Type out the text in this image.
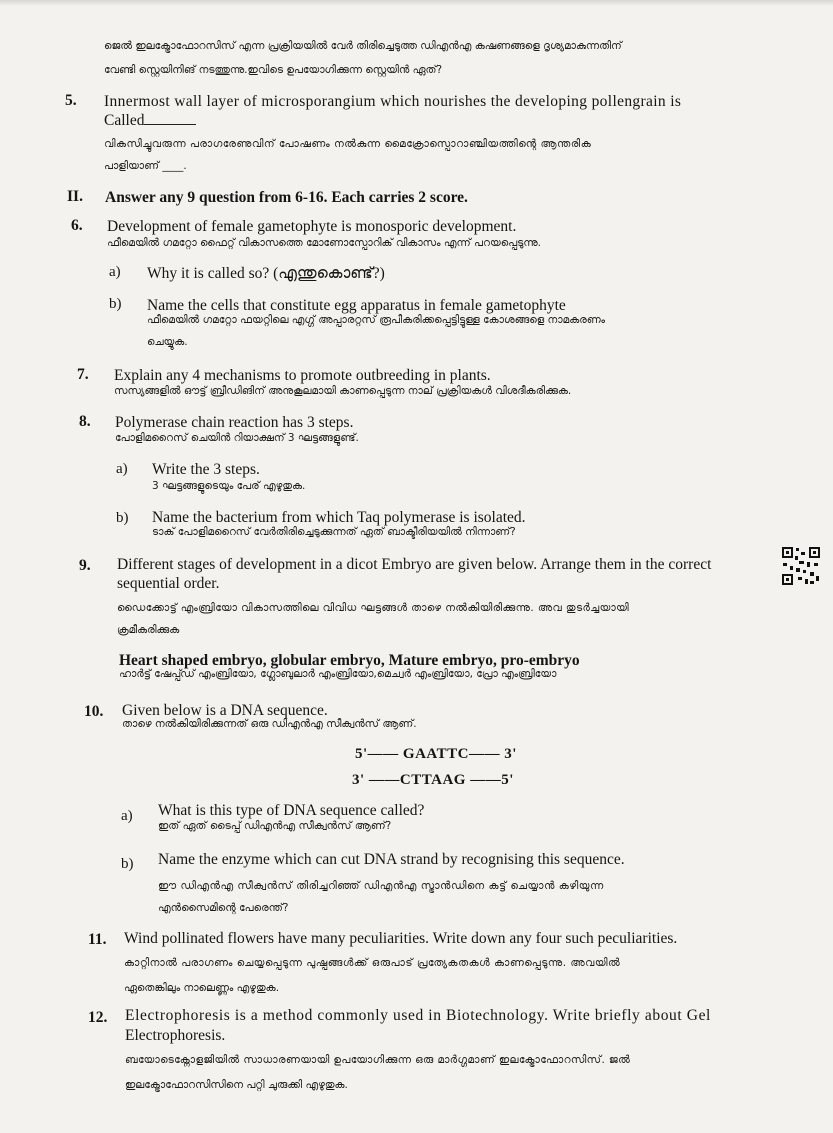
ജെൽ ഇലക്ട്രോഫോറസിസ് എന്ന പ്രക്രിയയിൽ വേർ തിരിച്ചെടുത്ത ഡിഎൻഎ കഷണങ്ങളെ ദൃശ്യമാകുന്നതിന്
വേണ്ടി സ്റ്റെയിനിങ് നടത്തുന്നു.ഇവിടെ ഉപയോഗിക്കുന്ന സ്റ്റെയിൻ ഏത്?
5. Innermost wall layer of microsporangium which nourishes the developing pollengrain is
Called
വികസിച്ചുവരുന്ന പരാഗരേണുവിന് പോഷണം നൽകുന്ന മൈക്രോസ്പൊറാഞ്ചിയത്തിന്റെ ആന്തരിക
പാളിയാണ് ____.
II. Answer any 9 question from 6-16. Each carries 2 score.
6. Development of female gametophyte is monosporic development.
ഫീമെയിൽ ഗമറ്റോ ഫൈറ്റ് വികാസത്തെ മോണോസ്പോറിക് വികാസം എന്ന് പറയപ്പെടുന്നു.
a) Why it is called so? (എന്തുകൊണ്ട്?)
b) Name the cells that constitute egg apparatus in female gametophyte
ഫീമെയിൽ ഗമറ്റോ ഫയറ്റിലെ എഗ്ഗ് അപ്പാരറ്റസ് രൂപീകരിക്കപ്പെട്ടിട്ടുള്ള കോശങ്ങളെ നാമകരണം
ചെയ്യുക.
7. Explain any 4 mechanisms to promote outbreeding in plants.
സസ്യങ്ങളിൽ ഔട്ട് ബ്രീഡിങിന് അനുകൂലമായി കാണപ്പെടുന്ന നാല് പ്രക്രിയകൾ വിശദീകരിക്കുക.
8. Polymerase chain reaction has 3 steps.
പോളിമറൈസ് ചെയിൻ റിയാക്ഷന് 3 ഘട്ടങ്ങളുണ്ട്.
a) Write the 3 steps.
3 ഘട്ടങ്ങളുടെയും പേര് എഴുതുക.
b) Name the bacterium from which Taq polymerase is isolated.
ടാക് പോളിമറൈസ് വേർതിരിച്ചെടുക്കുന്നത് ഏത് ബാക്ടീരിയയിൽ നിന്നാണ്?
9. Different stages of development in a dicot Embryo are given below. Arrange them in the correct
sequential order.
ഡൈക്കോട്ട് എംബ്രിയോ വികാസത്തിലെ വിവിധ ഘട്ടങ്ങൾ താഴെ നൽകിയിരിക്കുന്നു. അവ തുടർച്ചയായി
ക്രമീകരിക്കുക
Heart shaped embryo, globular embryo, Mature embryo, pro-embryo
ഹാർട്ട് ഷേപ്പ്ഡ് എംബ്രിയോ, ഗ്ലോബുലാർ എംബ്രിയോ,മെച്വർ എംബ്രിയോ, പ്രോ എംബ്രിയോ
10. Given below is a DNA sequence.
താഴെ നൽകിയിരിക്കുന്നത് ഒരു ഡിഎൻഎ സീക്വൻസ് ആണ്.
5'—— GAATTC—— 3'
3' ——CTTAAG ——5'
a) What is this type of DNA sequence called?
ഇത് ഏത് ടൈപ്പ് ഡിഎൻഎ സീക്വൻസ് ആണ്?
b) Name the enzyme which can cut DNA strand by recognising this sequence.
ഈ ഡിഎൻഎ സീക്വൻസ് തിരിച്ചറിഞ്ഞ് ഡിഎൻഎ സ്ട്രാൻഡിനെ കട്ട് ചെയ്യാൻ കഴിയുന്ന
എൻസൈമിന്റെ പേരെന്ത്?
11. Wind pollinated flowers have many peculiarities. Write down any four such peculiarities.
കാറ്റിനാൽ പരാഗണം ചെയ്യപ്പെടുന്ന പുഷ്പങ്ങൾക്ക് ഒരുപാട് പ്രത്യേകതകൾ കാണപ്പെടുന്നു. അവയിൽ
ഏതെങ്കിലും നാലെണ്ണം എഴുതുക.
12. Electrophoresis is a method commonly used in Biotechnology. Write briefly about Gel
Electrophoresis.
ബയോടെക്നോളജിയിൽ സാധാരണയായി ഉപയോഗിക്കുന്ന ഒരു മാർഗ്ഗമാണ് ഇലക്ട്രോഫോറസിസ്. ജൽ
ഇലക്ട്രോഫോറസിസിനെ പറ്റി ചുരുക്കി എഴുതുക.
